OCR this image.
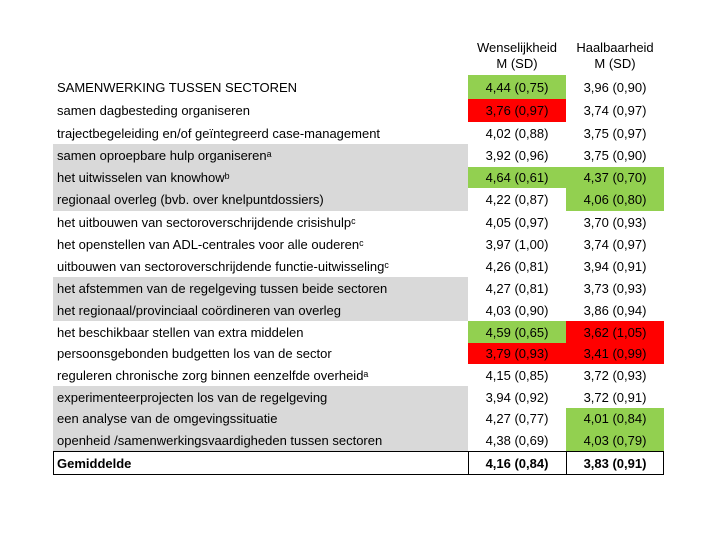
Wenselijkheid
M (SD)
Haalbaarheid
M (SD)
SAMENWERKING TUSSEN SECTOREN	4,44 (0,75)	3,96 (0,90)
samen dagbesteding organiseren	3,76 (0,97)	3,74 (0,97)
trajectbegeleiding en/of geïntegreerd case-management	4,02 (0,88)	3,75 (0,97)
samen oproepbare hulp organiserenᵃ	3,92 (0,96)	3,75 (0,90)
het uitwisselen van knowhowᵇ	4,64 (0,61)	4,37 (0,70)
regionaal overleg (bvb. over knelpuntdossiers)	4,22 (0,87)	4,06 (0,80)
het uitbouwen van sectoroverschrijdende crisishulpᶜ	4,05 (0,97)	3,70 (0,93)
het openstellen van ADL-centrales voor alle ouderenᶜ	3,97 (1,00)	3,74 (0,97)
uitbouwen van sectoroverschrijdende functie-uitwisselingᶜ	4,26 (0,81)	3,94 (0,91)
het afstemmen van de regelgeving tussen beide sectoren	4,27 (0,81)	3,73 (0,93)
het regionaal/provinciaal coördineren van overleg	4,03 (0,90)	3,86 (0,94)
het beschikbaar stellen van extra middelen	4,59 (0,65)	3,62 (1,05)
persoonsgebonden budgetten los van de sector	3,79 (0,93)	3,41 (0,99)
reguleren chronische zorg binnen eenzelfde overheidᵃ	4,15 (0,85)	3,72 (0,93)
experimenteerprojecten los van de regelgeving	3,94 (0,92)	3,72 (0,91)
een analyse van de omgevingssituatie	4,27 (0,77)	4,01 (0,84)
openheid /samenwerkingsvaardigheden tussen sectoren	4,38 (0,69)	4,03 (0,79)
Gemiddelde	4,16 (0,84)	3,83 (0,91)
